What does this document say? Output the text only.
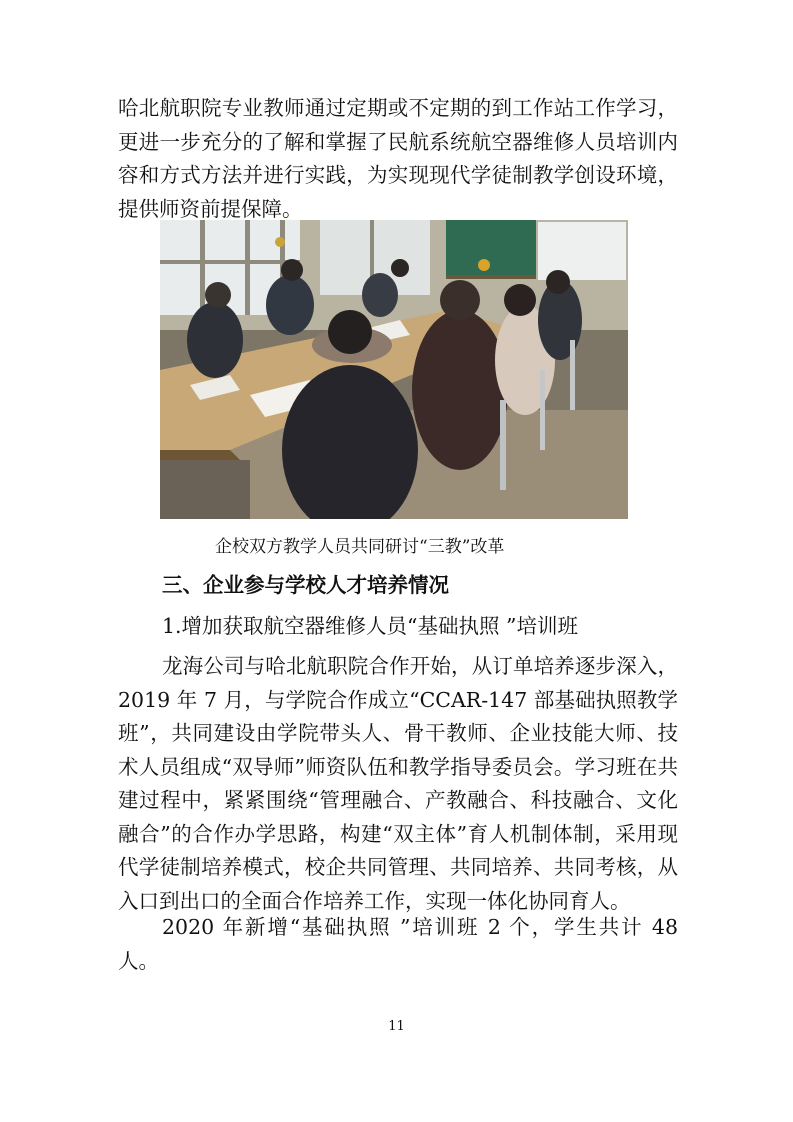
哈北航职院专业教师通过定期或不定期的到工作站工作学习，更进一步充分的了解和掌握了民航系统航空器维修人员培训内容和方式方法并进行实践，为实现现代学徒制教学创设环境，提供师资前提保障。

企校双方教学人员共同研讨“三教”改革

三、企业参与学校人才培养情况

1.增加获取航空器维修人员“基础执照 ”培训班

龙海公司与哈北航职院合作开始，从订单培养逐步深入，2019 年 7 月，与学院合作成立“CCAR-147 部基础执照教学班”，共同建设由学院带头人、骨干教师、企业技能大师、技术人员组成“双导师”师资队伍和教学指导委员会。学习班在共建过程中，紧紧围绕“管理融合、产教融合、科技融合、文化融合”的合作办学思路，构建“双主体”育人机制体制，采用现代学徒制培养模式，校企共同管理、共同培养、共同考核，从入口到出口的全面合作培养工作，实现一体化协同育人。

2020 年新增“基础执照 ”培训班 2 个，学生共计 48 人。

11
